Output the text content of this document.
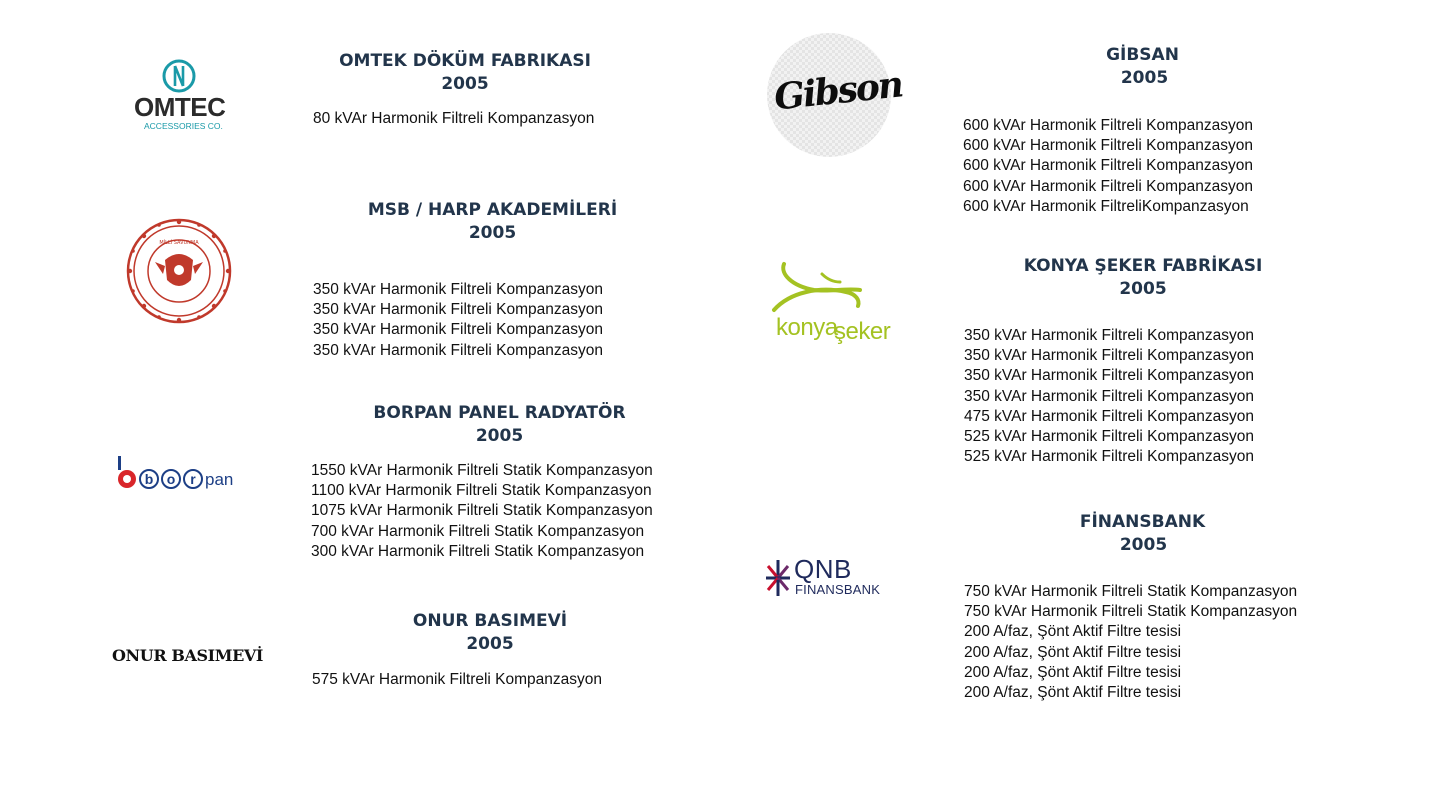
OMTEC
ACCESSORIES CO.
OMTEK DÖKÜM FABRIKASI
2005
80 kVAr Harmonik Filtreli Kompanzasyon
MİLLİ SAVUNMA
MSB / HARP AKADEMİLERİ
2005
350 kVAr Harmonik Filtreli Kompanzasyon
350 kVAr Harmonik Filtreli Kompanzasyon
350 kVAr Harmonik Filtreli Kompanzasyon
350 kVAr Harmonik Filtreli Kompanzasyon
b o r pan
BORPAN PANEL RADYATÖR
2005
1550 kVAr Harmonik Filtreli Statik Kompanzasyon
1100 kVAr Harmonik Filtreli Statik Kompanzasyon
1075 kVAr Harmonik Filtreli Statik Kompanzasyon
700 kVAr Harmonik Filtreli Statik Kompanzasyon
300 kVAr Harmonik Filtreli Statik Kompanzasyon
ONUR BASIMEVİ
ONUR BASIMEVİ
2005
575 kVAr Harmonik Filtreli Kompanzasyon
Gibson
GİBSAN
2005
600 kVAr Harmonik Filtreli Kompanzasyon
600 kVAr Harmonik Filtreli Kompanzasyon
600 kVAr Harmonik Filtreli Kompanzasyon
600 kVAr Harmonik Filtreli Kompanzasyon
600 kVAr Harmonik FiltreliKompanzasyon
konya
şeker
KONYA ŞEKER FABRİKASI
2005
350 kVAr Harmonik Filtreli Kompanzasyon
350 kVAr Harmonik Filtreli Kompanzasyon
350 kVAr Harmonik Filtreli Kompanzasyon
350 kVAr Harmonik Filtreli Kompanzasyon
475 kVAr Harmonik Filtreli Kompanzasyon
525 kVAr Harmonik Filtreli Kompanzasyon
525 kVAr Harmonik Filtreli Kompanzasyon
QNB
FINANSBANK
FİNANSBANK
2005
750 kVAr Harmonik Filtreli Statik Kompanzasyon
750 kVAr Harmonik Filtreli Statik Kompanzasyon
200 A/faz, Şönt Aktif Filtre tesisi
200 A/faz, Şönt Aktif Filtre tesisi
200 A/faz, Şönt Aktif Filtre tesisi
200 A/faz, Şönt Aktif Filtre tesisi
